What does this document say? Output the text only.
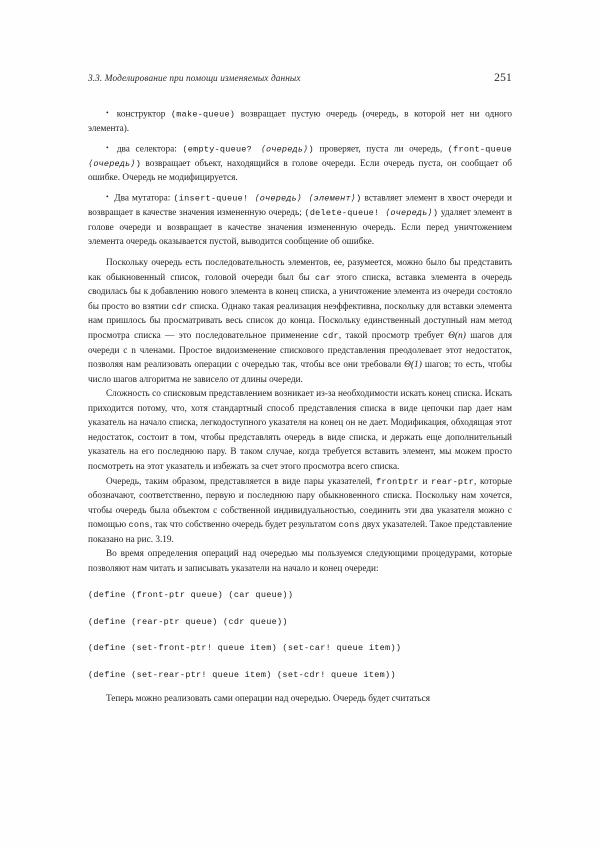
3.3. Моделирование при помощи изменяемых данных	251

• конструктор (make-queue) возвращает пустую очередь (очередь, в которой нет ни одного элемента).

• два селектора: (empty-queue? ⟨очередь⟩) проверяет, пуста ли очередь, (front-queue ⟨очередь⟩) возвращает объект, находящийся в голове очереди. Если очередь пуста, он сообщает об ошибке. Очередь не модифицируется.

• Два мутатора: (insert-queue! ⟨очередь⟩ ⟨элемент⟩) вставляет элемент в хвост очереди и возвращает в качестве значения измененную очередь; (delete-queue! ⟨очередь⟩) удаляет элемент в голове очереди и возвращает в качестве значения измененную очередь. Если перед уничтожением элемента очередь оказывается пустой, выводится сообщение об ошибке.

Поскольку очередь есть последовательность элементов, ее, разумеется, можно было бы представить как обыкновенный список, головой очереди был бы car этого списка, вставка элемента в очередь сводилась бы к добавлению нового элемента в конец списка, а уничтожение элемента из очереди состояло бы просто во взятии cdr списка. Однако такая реализация неэффективна, поскольку для вставки элемента нам пришлось бы просматривать весь список до конца. Поскольку единственный доступный нам метод просмотра списка — это последовательное применение cdr, такой просмотр требует Θ(n) шагов для очереди с n членами. Простое видоизменение спискового представления преодолевает этот недостаток, позволяя нам реализовать операции с очередью так, чтобы все они требовали Θ(1) шагов; то есть, чтобы число шагов алгоритма не зависело от длины очереди.

Сложность со списковым представлением возникает из-за необходимости искать конец списка. Искать приходится потому, что, хотя стандартный способ представления списка в виде цепочки пар дает нам указатель на начало списка, легкодоступного указателя на конец он не дает. Модификация, обходящая этот недостаток, состоит в том, чтобы представлять очередь в виде списка, и держать еще дополнительный указатель на его последнюю пару. В таком случае, когда требуется вставить элемент, мы можем просто посмотреть на этот указатель и избежать за счет этого просмотра всего списка.

Очередь, таким образом, представляется в виде пары указателей, frontptr и rear-ptr, которые обозначают, соответственно, первую и последнюю пару обыкновенного списка. Поскольку нам хочется, чтобы очередь была объектом с собственной индивидуальностью, соединить эти два указателя можно с помощью cons, так что собственно очередь будет результатом cons двух указателей. Такое представление показано на рис. 3.19.

Во время определения операций над очередью мы пользуемся следующими процедурами, которые позволяют нам читать и записывать указатели на начало и конец очереди:

(define (front-ptr queue) (car queue))
(define (rear-ptr queue) (cdr queue))
(define (set-front-ptr! queue item) (set-car! queue item))
(define (set-rear-ptr! queue item) (set-cdr! queue item))

Теперь можно реализовать сами операции над очередью. Очередь будет считаться
